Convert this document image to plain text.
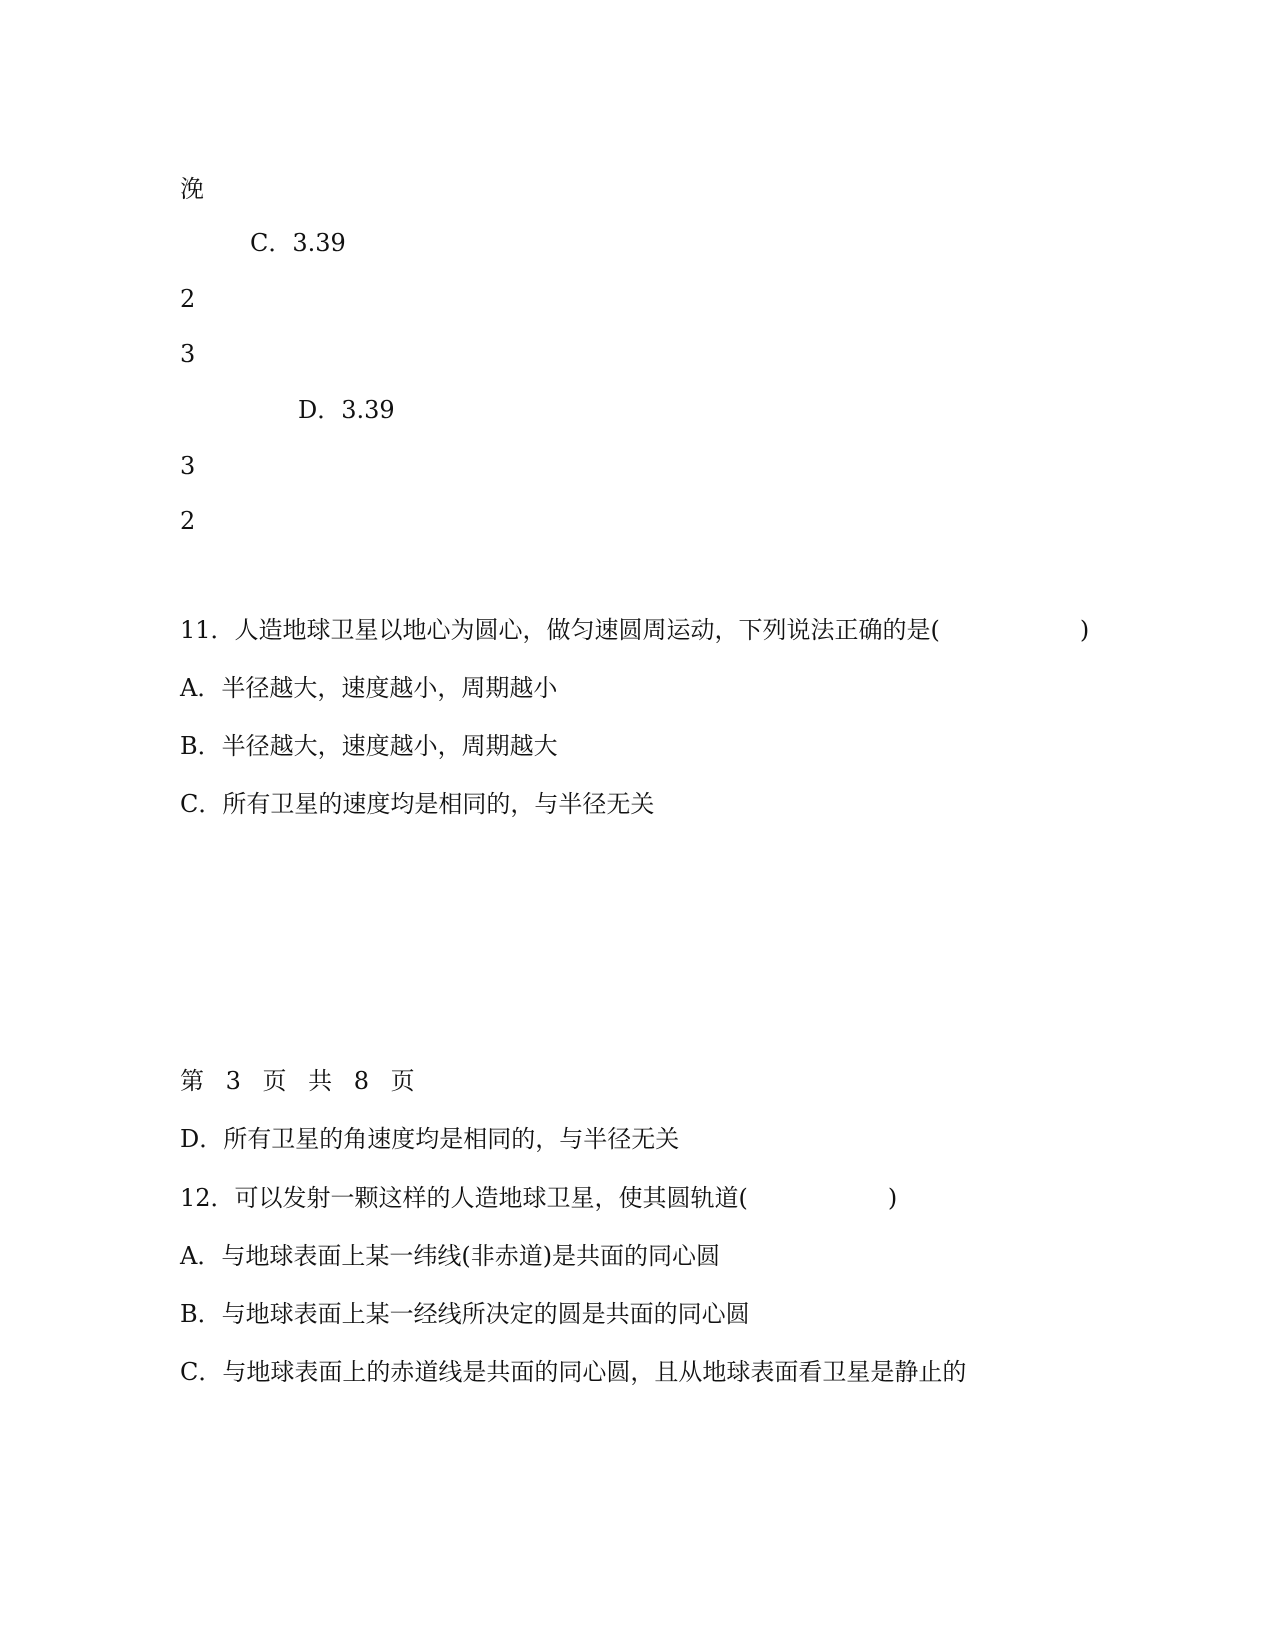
浼
C．3.39
2
3
D．3.39
3
2
11．人造地球卫星以地心为圆心，做匀速圆周运动，下列说法正确的是(	)
A．半径越大，速度越小，周期越小
B．半径越大，速度越小，周期越大
C．所有卫星的速度均是相同的，与半径无关
第 3 页 共 8 页
D．所有卫星的角速度均是相同的，与半径无关
12．可以发射一颗这样的人造地球卫星，使其圆轨道(	)
A．与地球表面上某一纬线(非赤道)是共面的同心圆
B．与地球表面上某一经线所决定的圆是共面的同心圆
C．与地球表面上的赤道线是共面的同心圆，且从地球表面看卫星是静止的
